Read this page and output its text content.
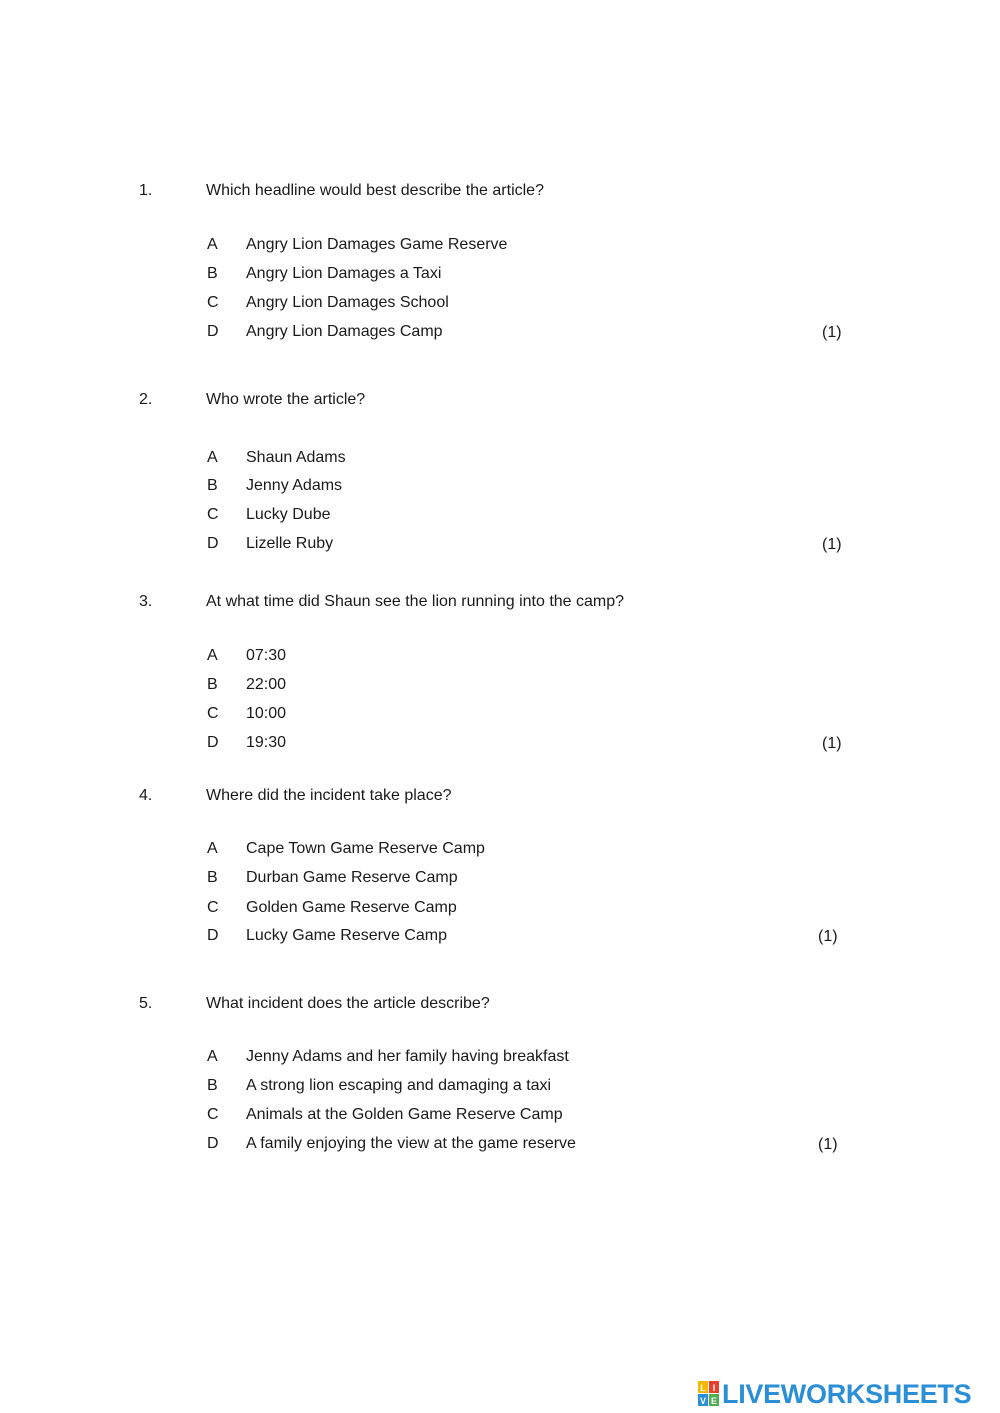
1.	Which headline would best describe the article?
A Angry Lion Damages Game Reserve
B Angry Lion Damages a Taxi
C Angry Lion Damages School
D Angry Lion Damages Camp	(1)
2.	Who wrote the article?
A Shaun Adams
B Jenny Adams
C Lucky Dube
D Lizelle Ruby	(1)
3.	At what time did Shaun see the lion running into the camp?
A 07:30
B 22:00
C 10:00
D 19:30	(1)
4.	Where did the incident take place?
A Cape Town Game Reserve Camp
B Durban Game Reserve Camp
C Golden Game Reserve Camp
D Lucky Game Reserve Camp	(1)
5.	What incident does the article describe?
A Jenny Adams and her family having breakfast
B A strong lion escaping and damaging a taxi
C Animals at the Golden Game Reserve Camp
D A family enjoying the view at the game reserve	(1)
L I
V E LIVEWORKSHEETS
